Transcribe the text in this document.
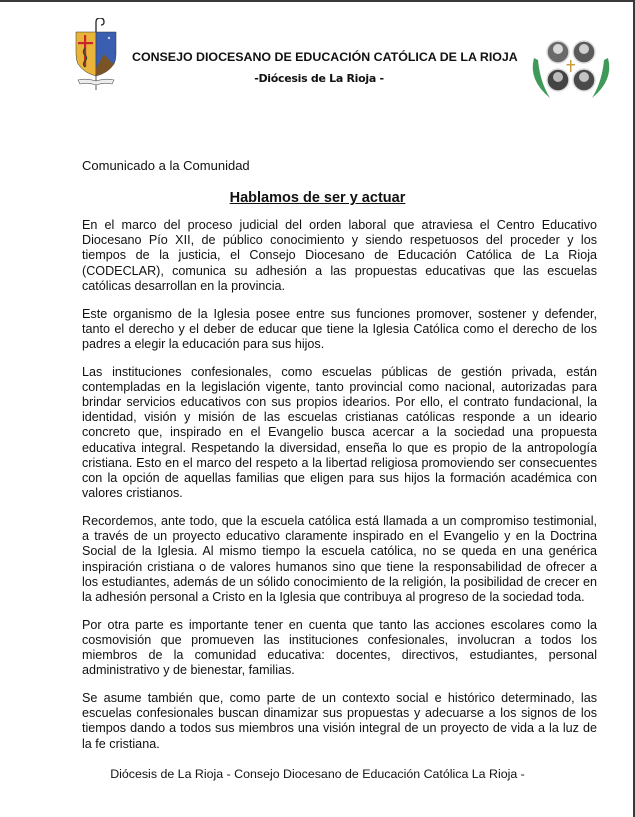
CONSEJO DIOCESANO DE EDUCACIÓN CATÓLICA DE LA RIOJA
-Diócesis de La Rioja -
Comunicado a la Comunidad
Hablamos de ser y actuar

En el marco del proceso judicial del orden laboral que atraviesa el Centro Educativo Diocesano Pío XII, de público conocimiento y siendo respetuosos del proceder y los tiempos de la justicia, el Consejo Diocesano de Educación Católica de La Rioja (CODECLAR), comunica su adhesión a las propuestas educativas que las escuelas católicas desarrollan en la provincia.

Este organismo de la Iglesia posee entre sus funciones promover, sostener y defender, tanto el derecho y el deber de educar que tiene la Iglesia Católica como el derecho de los padres a elegir la educación para sus hijos.

Las instituciones confesionales, como escuelas públicas de gestión privada, están contempladas en la legislación vigente, tanto provincial como nacional, autorizadas para brindar servicios educativos con sus propios idearios. Por ello, el contrato fundacional, la identidad, visión y misión de las escuelas cristianas católicas responde a un ideario concreto que, inspirado en el Evangelio busca acercar a la sociedad una propuesta educativa integral. Respetando la diversidad, enseña lo que es propio de la antropología cristiana. Esto en el marco del respeto a la libertad religiosa promoviendo ser consecuentes con la opción de aquellas familias que eligen para sus hijos la formación académica con valores cristianos.

Recordemos, ante todo, que la escuela católica está llamada a un compromiso testimonial, a través de un proyecto educativo claramente inspirado en el Evangelio y en la Doctrina Social de la Iglesia. Al mismo tiempo la escuela católica, no se queda en una genérica inspiración cristiana o de valores humanos sino que tiene la responsabilidad de ofrecer a los estudiantes, además de un sólido conocimiento de la religión, la posibilidad de crecer en la adhesión personal a Cristo en la Iglesia que contribuya al progreso de la sociedad toda.

Por otra parte es importante tener en cuenta que tanto las acciones escolares como la cosmovisión que promueven las instituciones confesionales, involucran a todos los miembros de la comunidad educativa: docentes, directivos, estudiantes, personal administrativo y de bienestar, familias.

Se asume también que, como parte de un contexto social e histórico determinado, las escuelas confesionales buscan dinamizar sus propuestas y adecuarse a los signos de los tiempos dando a todos sus miembros una visión integral de un proyecto de vida a la luz de la fe cristiana.

Diócesis de La Rioja - Consejo Diocesano de Educación Católica La Rioja -
